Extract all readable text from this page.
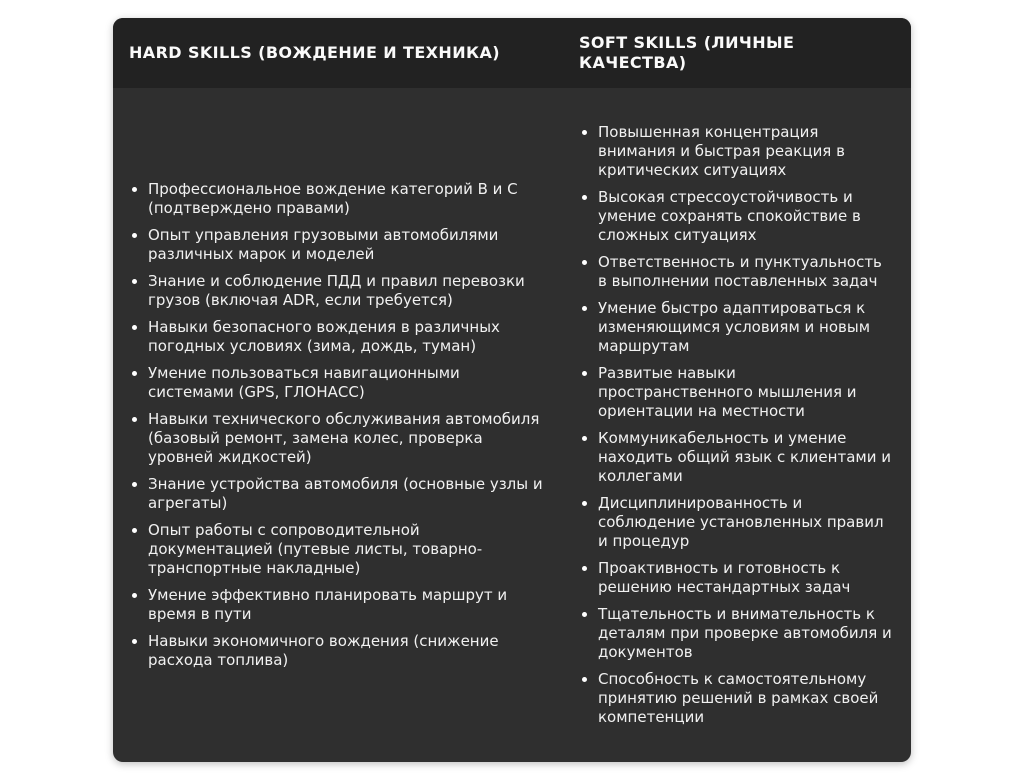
HARD SKILLS (ВОЖДЕНИЕ И ТЕХНИКА)
SOFT SKILLS (ЛИЧНЫЕ КАЧЕСТВА)
Профессиональное вождение категорий B и C (подтверждено правами)
Опыт управления грузовыми автомобилями различных марок и моделей
Знание и соблюдение ПДД и правил перевозки грузов (включая ADR, если требуется)
Навыки безопасного вождения в различных погодных условиях (зима, дождь, туман)
Умение пользоваться навигационными системами (GPS, ГЛОНАСС)
Навыки технического обслуживания автомобиля (базовый ремонт, замена колес, проверка уровней жидкостей)
Знание устройства автомобиля (основные узлы и агрегаты)
Опыт работы с сопроводительной документацией (путевые листы, товарно-транспортные накладные)
Умение эффективно планировать маршрут и время в пути
Навыки экономичного вождения (снижение расхода топлива)
Повышенная концентрация внимания и быстрая реакция в критических ситуациях
Высокая стрессоустойчивость и умение сохранять спокойствие в сложных ситуациях
Ответственность и пунктуальность в выполнении поставленных задач
Умение быстро адаптироваться к изменяющимся условиям и новым маршрутам
Развитые навыки пространственного мышления и ориентации на местности
Коммуникабельность и умение находить общий язык с клиентами и коллегами
Дисциплинированность и соблюдение установленных правил и процедур
Проактивность и готовность к решению нестандартных задач
Тщательность и внимательность к деталям при проверке автомобиля и документов
Способность к самостоятельному принятию решений в рамках своей компетенции
